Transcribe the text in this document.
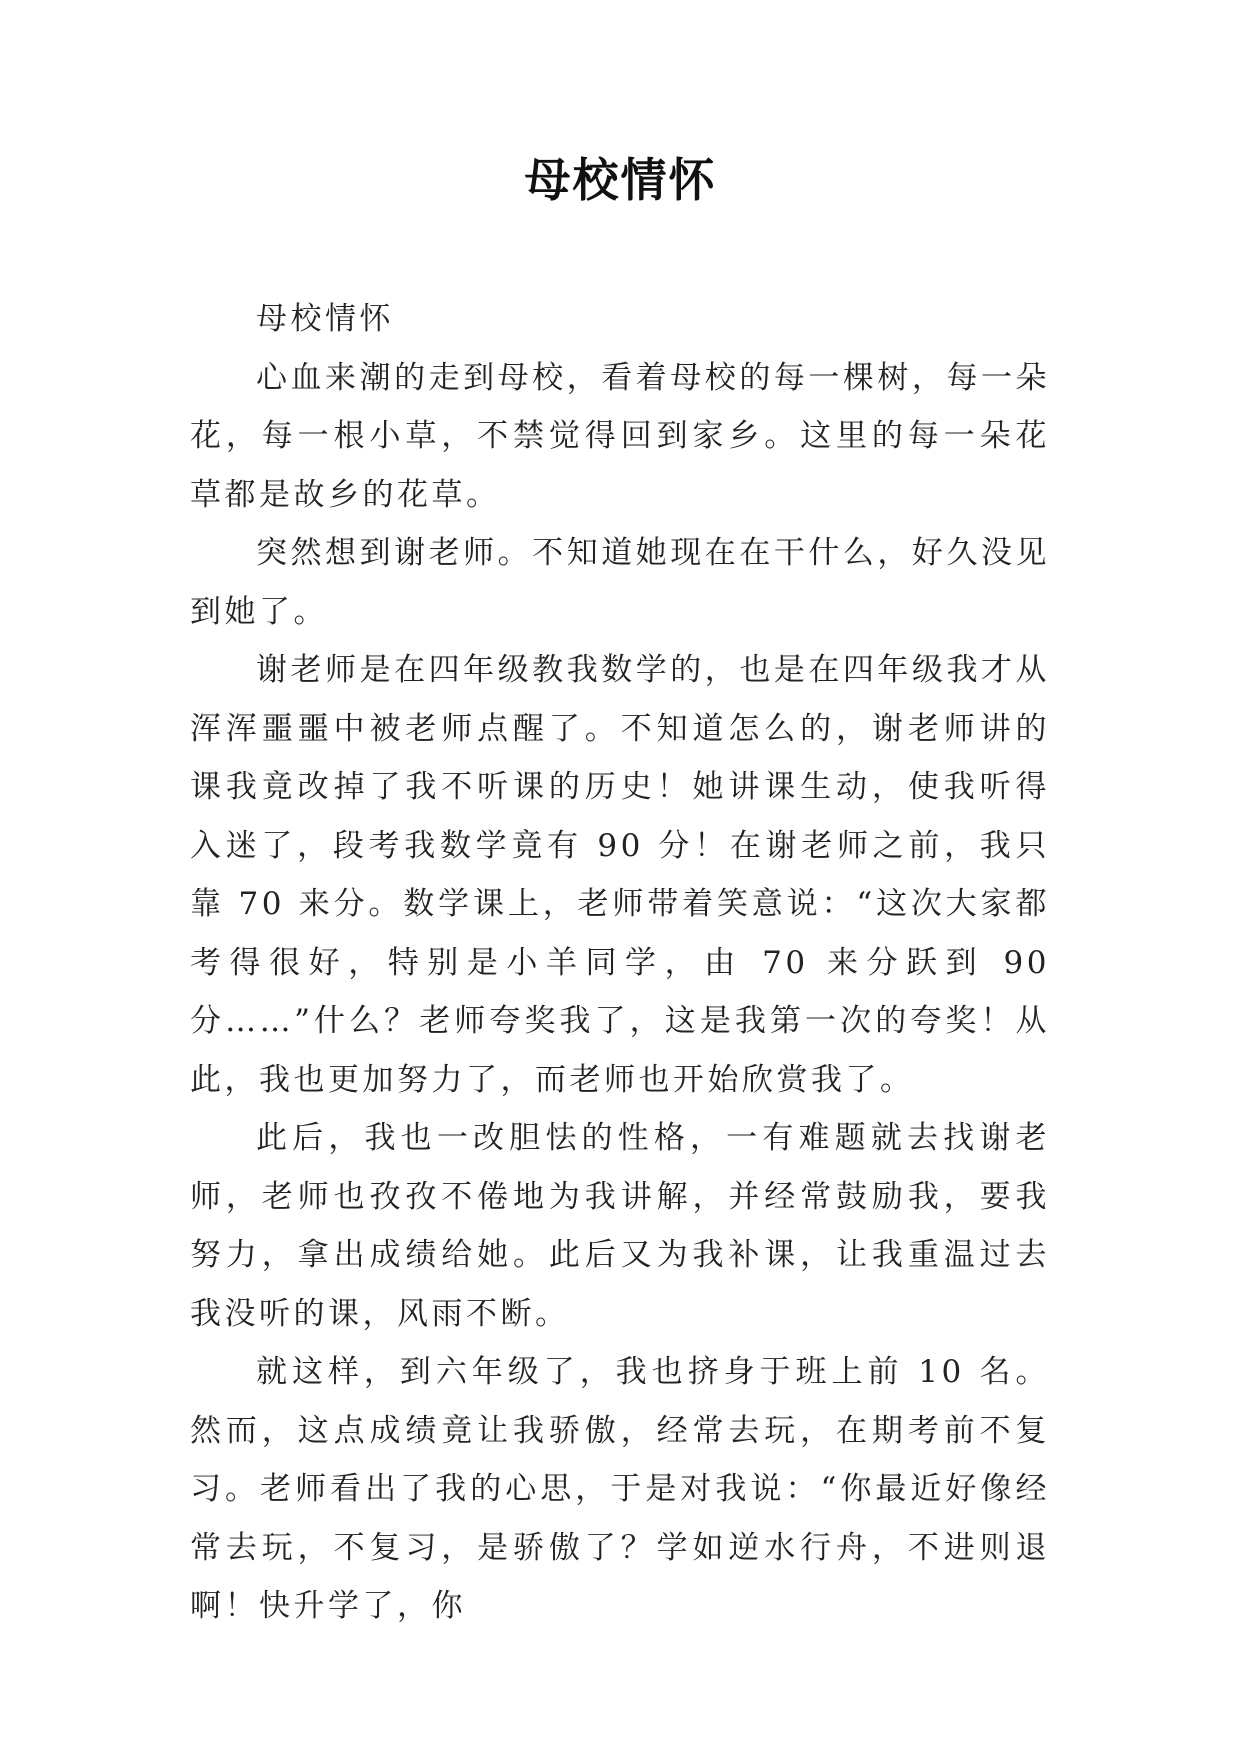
母校情怀

母校情怀

心血来潮的走到母校，看着母校的每一棵树，每一朵花，每一根小草，不禁觉得回到家乡。这里的每一朵花草都是故乡的花草。

突然想到谢老师。不知道她现在在干什么，好久没见到她了。

谢老师是在四年级教我数学的，也是在四年级我才从浑浑噩噩中被老师点醒了。不知道怎么的，谢老师讲的课我竟改掉了我不听课的历史！她讲课生动，使我听得入迷了，段考我数学竟有 90 分！在谢老师之前，我只靠 70 来分。数学课上，老师带着笑意说：“这次大家都考得很好，特别是小羊同学，由 70 来分跃到 90 分……”什么？老师夸奖我了，这是我第一次的夸奖！从此，我也更加努力了，而老师也开始欣赏我了。

此后，我也一改胆怯的性格，一有难题就去找谢老师，老师也孜孜不倦地为我讲解，并经常鼓励我，要我努力，拿出成绩给她。此后又为我补课，让我重温过去我没听的课，风雨不断。

就这样，到六年级了，我也挤身于班上前 10 名。然而，这点成绩竟让我骄傲，经常去玩，在期考前不复习。老师看出了我的心思，于是对我说：“你最近好像经常去玩，不复习，是骄傲了？学如逆水行舟，不进则退啊！快升学了，你
